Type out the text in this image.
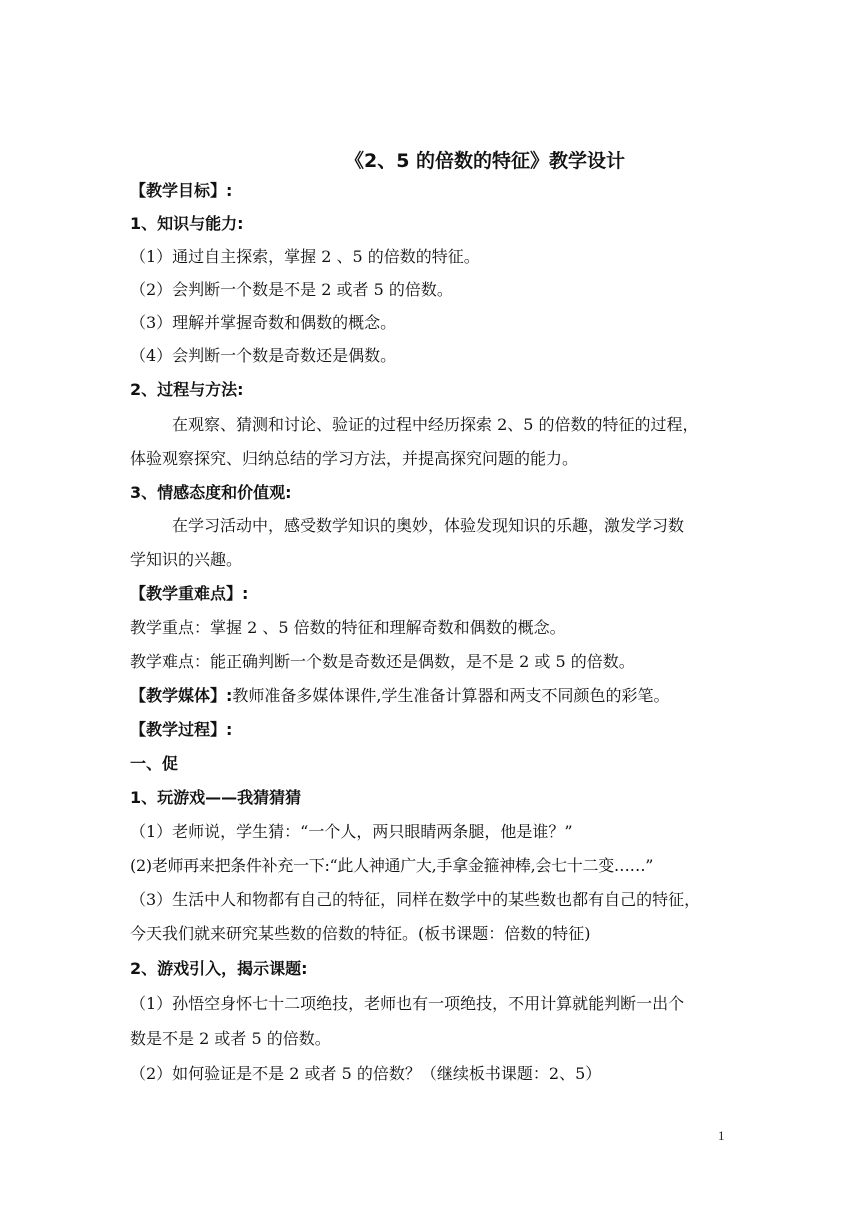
《2、5 的倍数的特征》教学设计
【教学目标】:
1、知识与能力:
（1）通过自主探索，掌握 2 、5 的倍数的特征。
（2）会判断一个数是不是 2 或者 5 的倍数。
（3）理解并掌握奇数和偶数的概念。
（4）会判断一个数是奇数还是偶数。
2、过程与方法:
在观察、猜测和讨论、验证的过程中经历探索 2、5 的倍数的特征的过程，
体验观察探究、归纳总结的学习方法，并提高探究问题的能力。
3、情感态度和价值观:
在学习活动中，感受数学知识的奥妙，体验发现知识的乐趣，激发学习数
学知识的兴趣。
【教学重难点】:
教学重点：掌握 2 、5 倍数的特征和理解奇数和偶数的概念。
教学难点：能正确判断一个数是奇数还是偶数，是不是 2 或 5 的倍数。
【教学媒体】:教师准备多媒体课件,学生准备计算器和两支不同颜色的彩笔。
【教学过程】:
一、促
1、玩游戏——我猜猜猜
（1）老师说，学生猜：“一个人，两只眼睛两条腿，他是谁？”
(2)老师再来把条件补充一下:“此人神通广大,手拿金箍神棒,会七十二变……”
（3）生活中人和物都有自己的特征，同样在数学中的某些数也都有自己的特征，
今天我们就来研究某些数的倍数的特征。(板书课题：倍数的特征)
2、游戏引入，揭示课题:
（1）孙悟空身怀七十二项绝技，老师也有一项绝技，不用计算就能判断一出个
数是不是 2 或者 5 的倍数。
（2）如何验证是不是 2 或者 5 的倍数？（继续板书课题：2、5）
1
